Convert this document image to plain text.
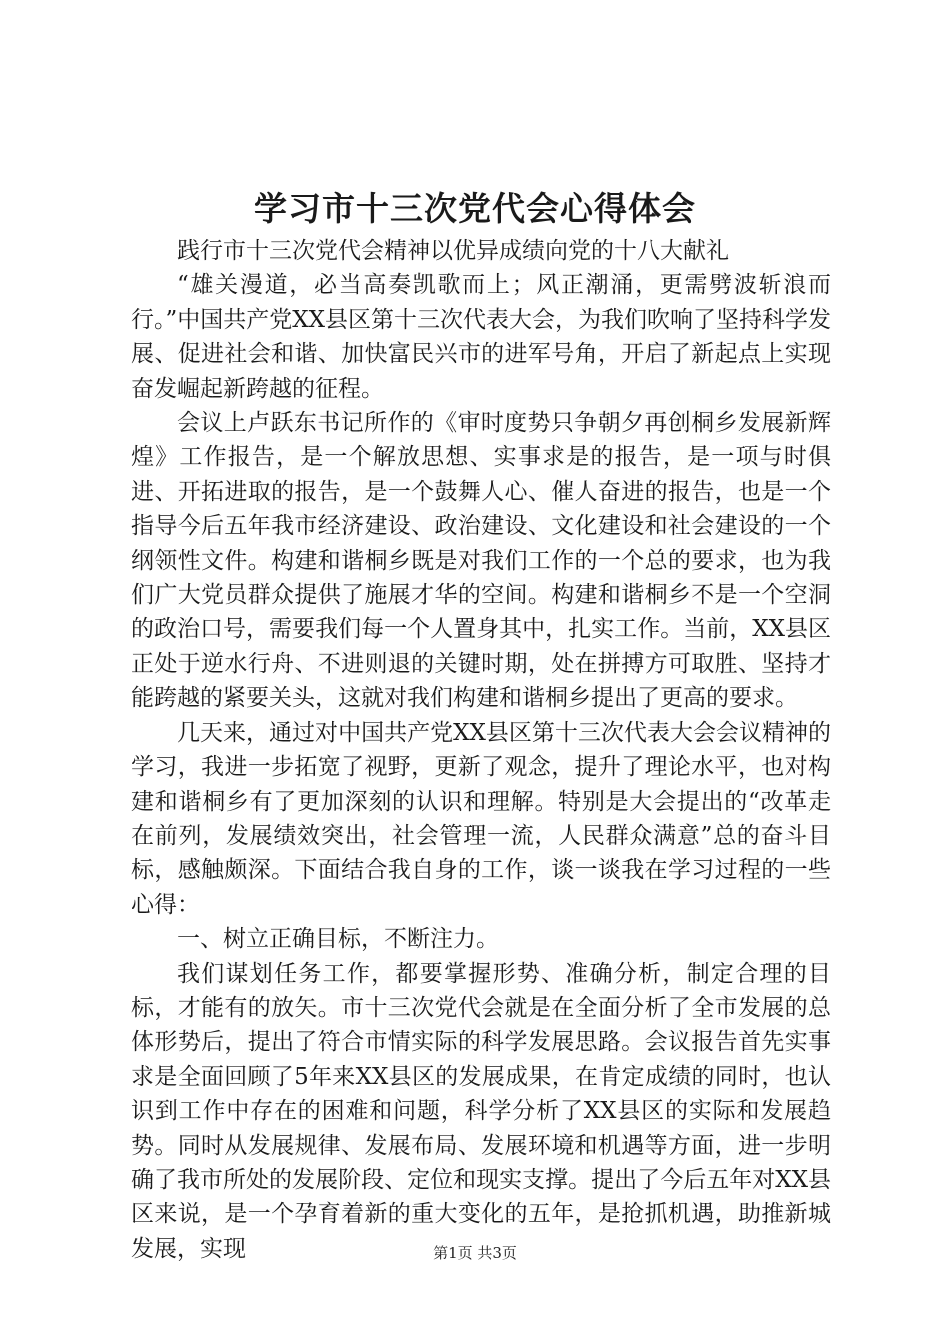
学习市十三次党代会心得体会

践行市十三次党代会精神以优异成绩向党的十八大献礼

“雄关漫道，必当高奏凯歌而上；风正潮涌，更需劈波斩浪而行。”中国共产党XX县区第十三次代表大会，为我们吹响了坚持科学发展、促进社会和谐、加快富民兴市的进军号角，开启了新起点上实现奋发崛起新跨越的征程。

会议上卢跃东书记所作的《审时度势只争朝夕再创桐乡发展新辉煌》工作报告，是一个解放思想、实事求是的报告，是一项与时俱进、开拓进取的报告，是一个鼓舞人心、催人奋进的报告，也是一个指导今后五年我市经济建设、政治建设、文化建设和社会建设的一个纲领性文件。构建和谐桐乡既是对我们工作的一个总的要求，也为我们广大党员群众提供了施展才华的空间。构建和谐桐乡不是一个空洞的政治口号，需要我们每一个人置身其中，扎实工作。当前，XX县区正处于逆水行舟、不进则退的关键时期，处在拼搏方可取胜、坚持才能跨越的紧要关头，这就对我们构建和谐桐乡提出了更高的要求。

几天来，通过对中国共产党XX县区第十三次代表大会会议精神的学习，我进一步拓宽了视野，更新了观念，提升了理论水平，也对构建和谐桐乡有了更加深刻的认识和理解。特别是大会提出的“改革走在前列，发展绩效突出，社会管理一流，人民群众满意”总的奋斗目标，感触颇深。下面结合我自身的工作，谈一谈我在学习过程的一些心得：

一、树立正确目标，不断注力。

我们谋划任务工作，都要掌握形势、准确分析，制定合理的目标，才能有的放矢。市十三次党代会就是在全面分析了全市发展的总体形势后，提出了符合市情实际的科学发展思路。会议报告首先实事求是全面回顾了5年来XX县区的发展成果，在肯定成绩的同时，也认识到工作中存在的困难和问题，科学分析了XX县区的实际和发展趋势。同时从发展规律、发展布局、发展环境和机遇等方面，进一步明确了我市所处的发展阶段、定位和现实支撑。提出了今后五年对XX县区来说，是一个孕育着新的重大变化的五年，是抢抓机遇，助推新城发展，实现	第1页 共3页
